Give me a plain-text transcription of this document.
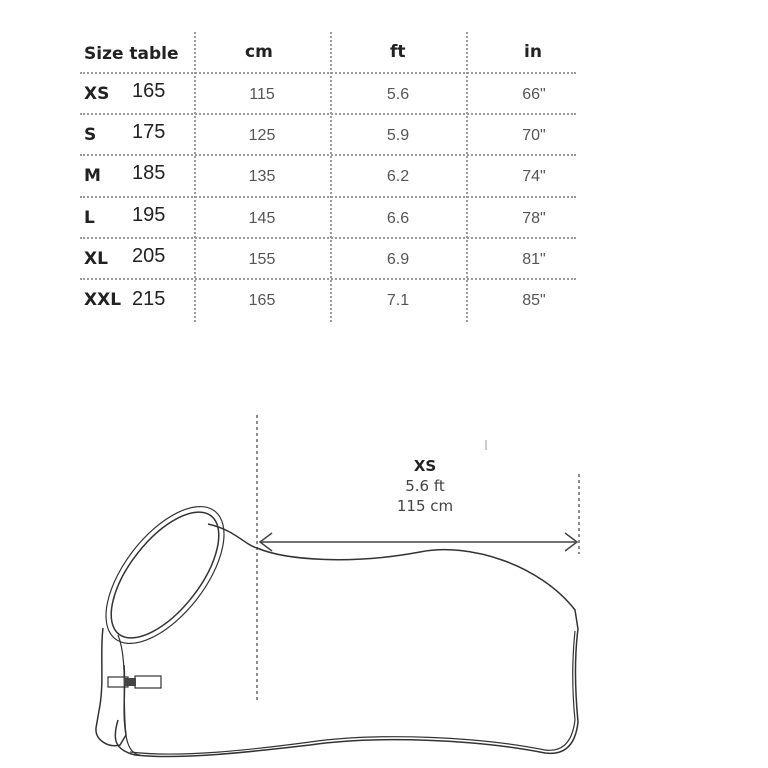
Size table	cm	ft	in
XS 165	115	5.6	66"
S 175	125	5.9	70"
M 185	135	6.2	74"
L 195	145	6.6	78"
XL 205	155	6.9	81"
XXL 215	165	7.1	85"
XS
5.6 ft
115 cm
